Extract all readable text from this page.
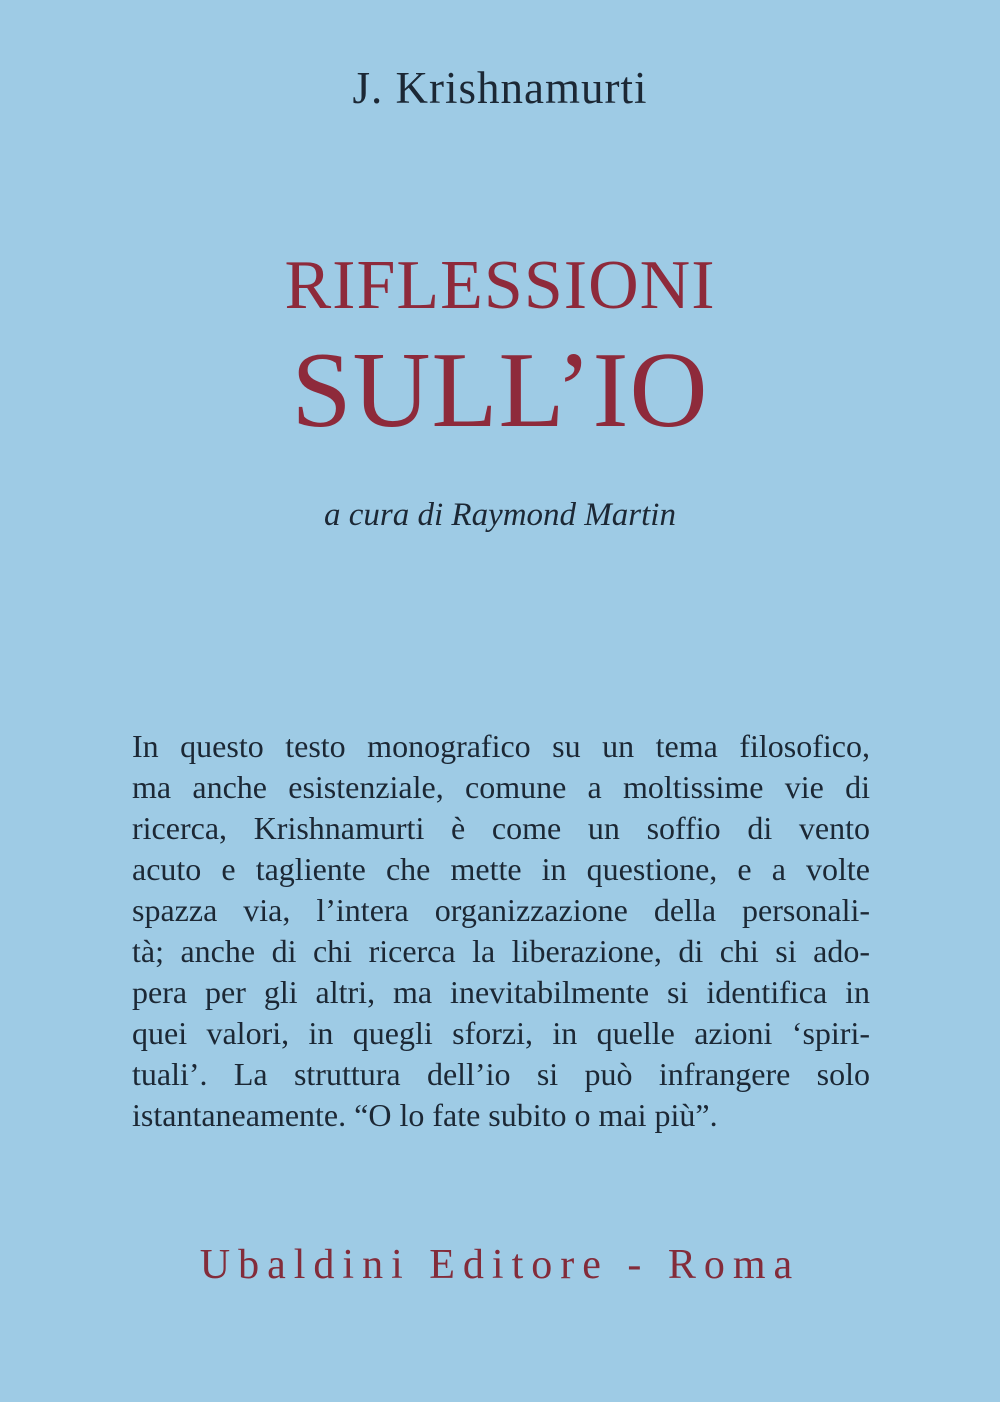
J. Krishnamurti
RIFLESSIONI
SULL’IO
a cura di Raymond Martin
In questo testo monografico su un tema filosofico,
ma anche esistenziale, comune a moltissime vie di
ricerca, Krishnamurti è come un soffio di vento
acuto e tagliente che mette in questione, e a volte
spazza via, l’intera organizzazione della personali-
tà; anche di chi ricerca la liberazione, di chi si ado-
pera per gli altri, ma inevitabilmente si identifica in
quei valori, in quegli sforzi, in quelle azioni ‘spiri-
tuali’. La struttura dell’io si può infrangere solo
istantaneamente. “O lo fate subito o mai più”.
Ubaldini Editore - Roma
